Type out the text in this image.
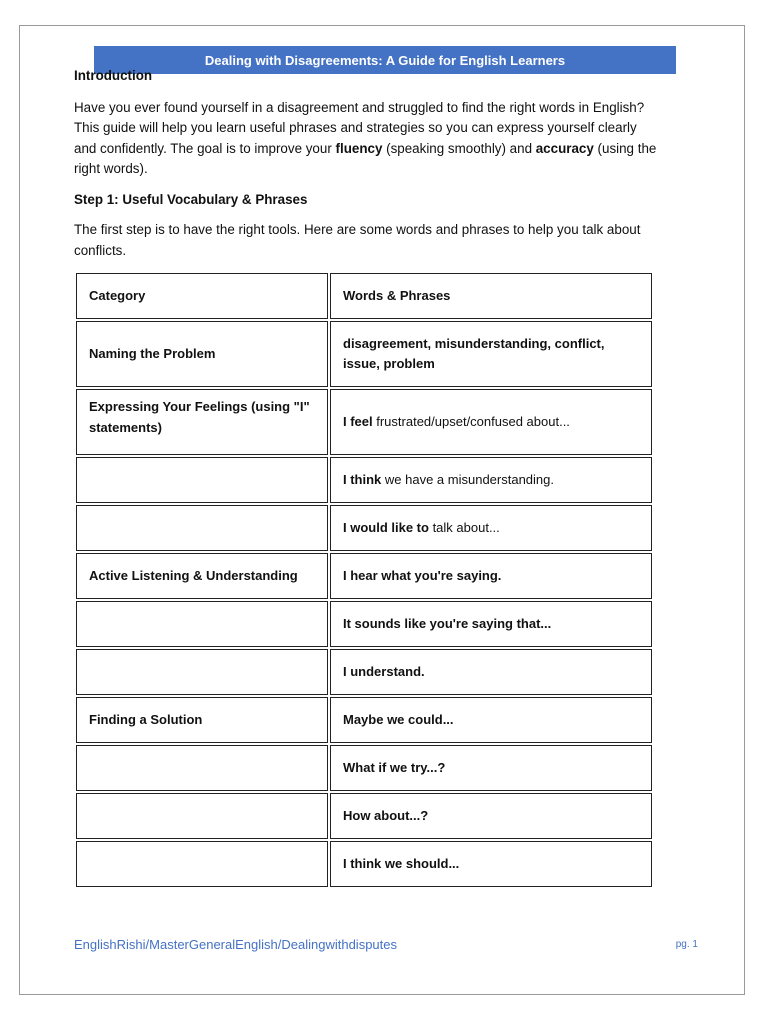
Dealing with Disagreements: A Guide for English Learners

Introduction

Have you ever found yourself in a disagreement and struggled to find the right words in English? This guide will help you learn useful phrases and strategies so you can express yourself clearly and confidently. The goal is to improve your fluency (speaking smoothly) and accuracy (using the right words).

Step 1: Useful Vocabulary & Phrases

The first step is to have the right tools. Here are some words and phrases to help you talk about conflicts.

Category	Words & Phrases
Naming the Problem	disagreement, misunderstanding, conflict, issue, problem
Expressing Your Feelings (using "I" statements)	I feel frustrated/upset/confused about...
	I think we have a misunderstanding.
	I would like to talk about...
Active Listening & Understanding	I hear what you're saying.
	It sounds like you're saying that...
	I understand.
Finding a Solution	Maybe we could...
	What if we try...?
	How about...?
	I think we should...
EnglishRishi/MasterGeneralEnglish/Dealingwithdisputes	pg. 1
